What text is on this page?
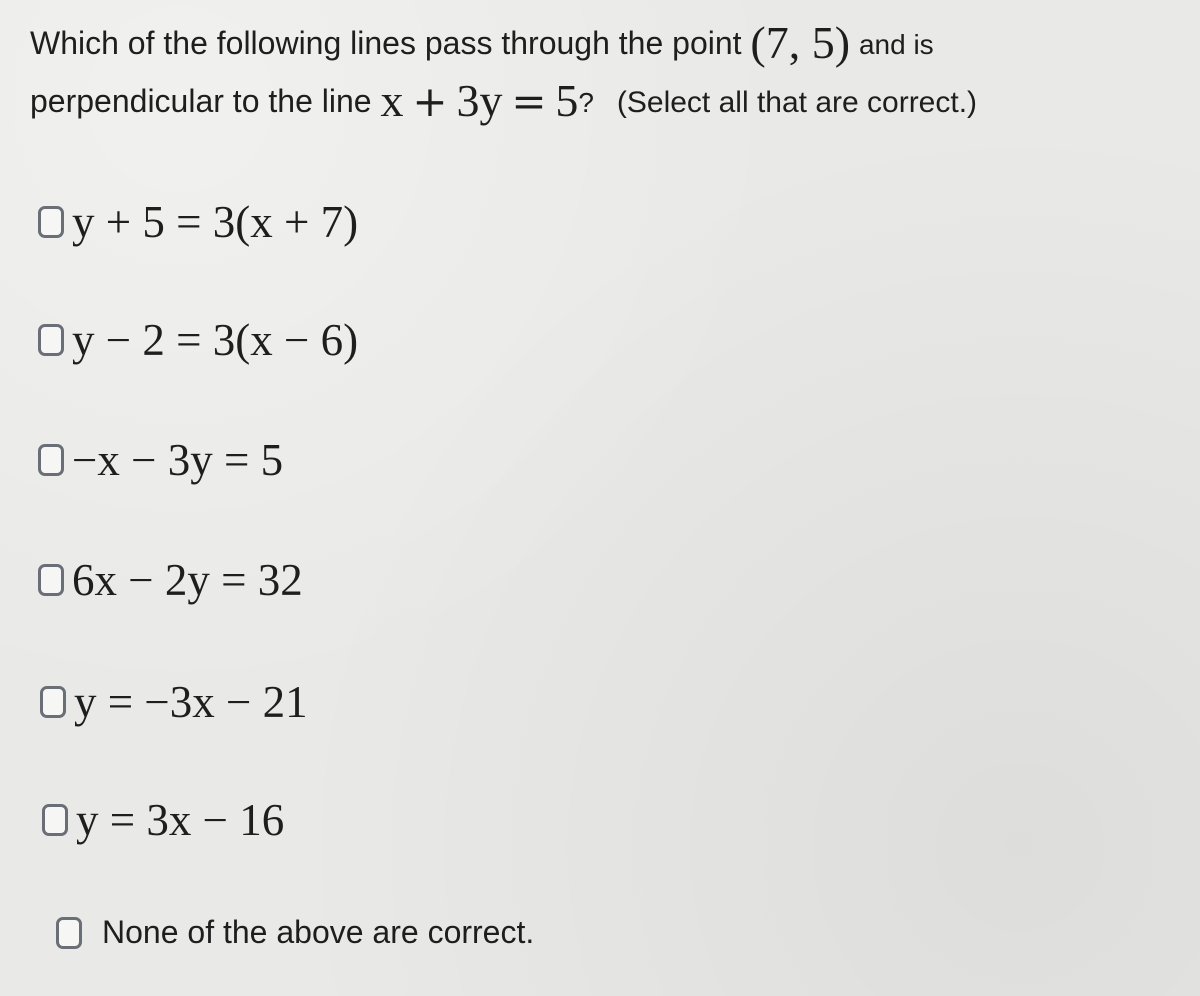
Which of the following lines pass through the point (7, 5) and is
perpendicular to the line x + 3y = 5? (Select all that are correct.)
y + 5 = 3(x + 7)
y − 2 = 3(x − 6)
−x − 3y = 5
6x − 2y = 32
y = −3x − 21
y = 3x − 16
None of the above are correct.
